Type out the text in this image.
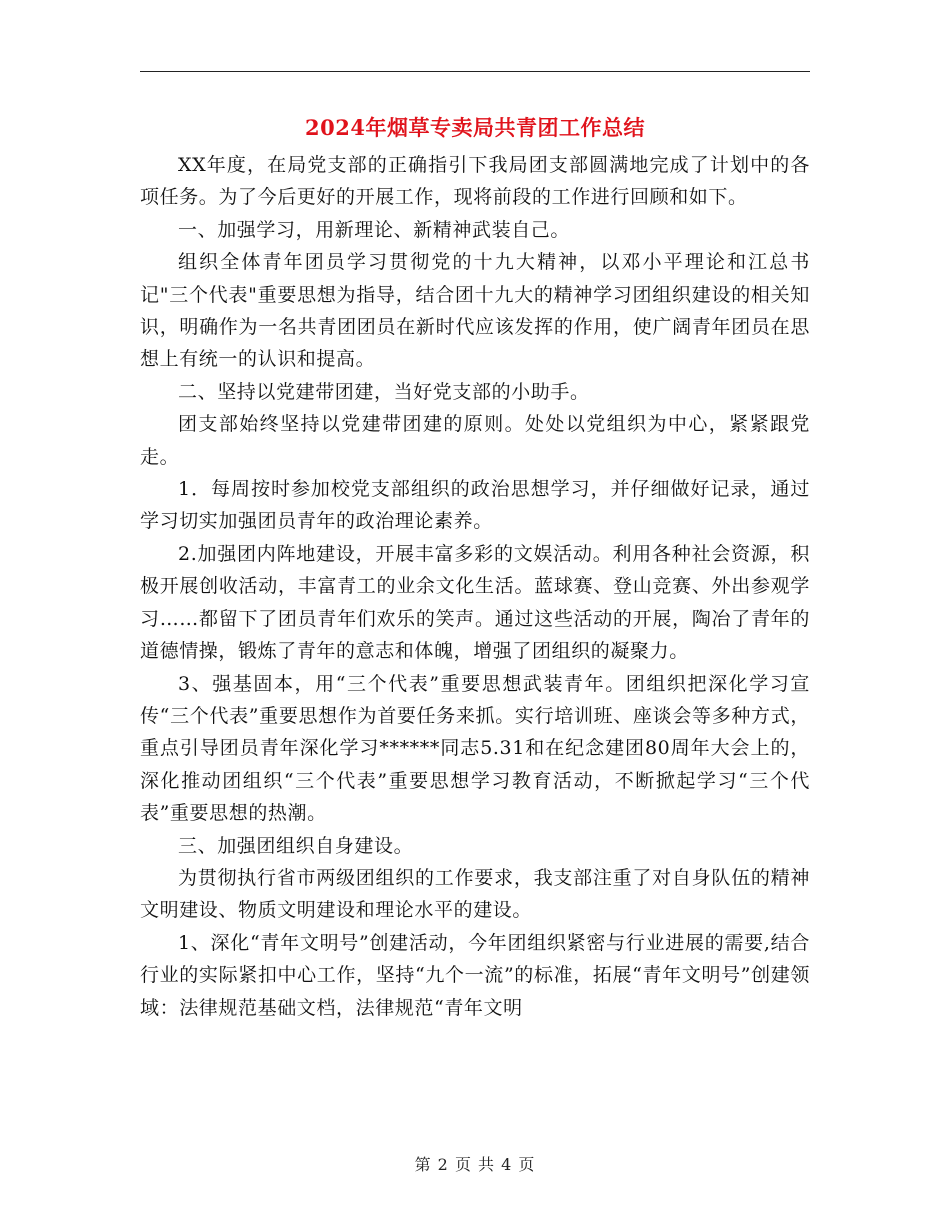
2024年烟草专卖局共青团工作总结

XX年度，在局党支部的正确指引下我局团支部圆满地完成了计划中的各项任务。为了今后更好的开展工作，现将前段的工作进行回顾和如下。

一、加强学习，用新理论、新精神武装自己。

组织全体青年团员学习贯彻党的十九大精神，以邓小平理论和江总书记"三个代表"重要思想为指导，结合团十九大的精神学习团组织建设的相关知识，明确作为一名共青团团员在新时代应该发挥的作用，使广阔青年团员在思想上有统一的认识和提高。

二、坚持以党建带团建，当好党支部的小助手。

团支部始终坚持以党建带团建的原则。处处以党组织为中心，紧紧跟党走。

1．每周按时参加校党支部组织的政治思想学习，并仔细做好记录，通过学习切实加强团员青年的政治理论素养。

2.加强团内阵地建设，开展丰富多彩的文娱活动。利用各种社会资源，积极开展创收活动，丰富青工的业余文化生活。蓝球赛、登山竞赛、外出参观学习……都留下了团员青年们欢乐的笑声。通过这些活动的开展，陶冶了青年的道德情操，锻炼了青年的意志和体魄，增强了团组织的凝聚力。

3、强基固本，用“三个代表”重要思想武装青年。团组织把深化学习宣传“三个代表”重要思想作为首要任务来抓。实行培训班、座谈会等多种方式，重点引导团员青年深化学习******同志5.31和在纪念建团80周年大会上的，深化推动团组织“三个代表”重要思想学习教育活动，不断掀起学习“三个代表”重要思想的热潮。

三、加强团组织自身建设。

为贯彻执行省市两级团组织的工作要求，我支部注重了对自身队伍的精神文明建设、物质文明建设和理论水平的建设。

1、深化“青年文明号”创建活动，今年团组织紧密与行业进展的需要,结合行业的实际紧扣中心工作，坚持“九个一流”的标准，拓展“青年文明号”创建领域：法律规范基础文档，法律规范“青年文明

第 2 页 共 4 页
